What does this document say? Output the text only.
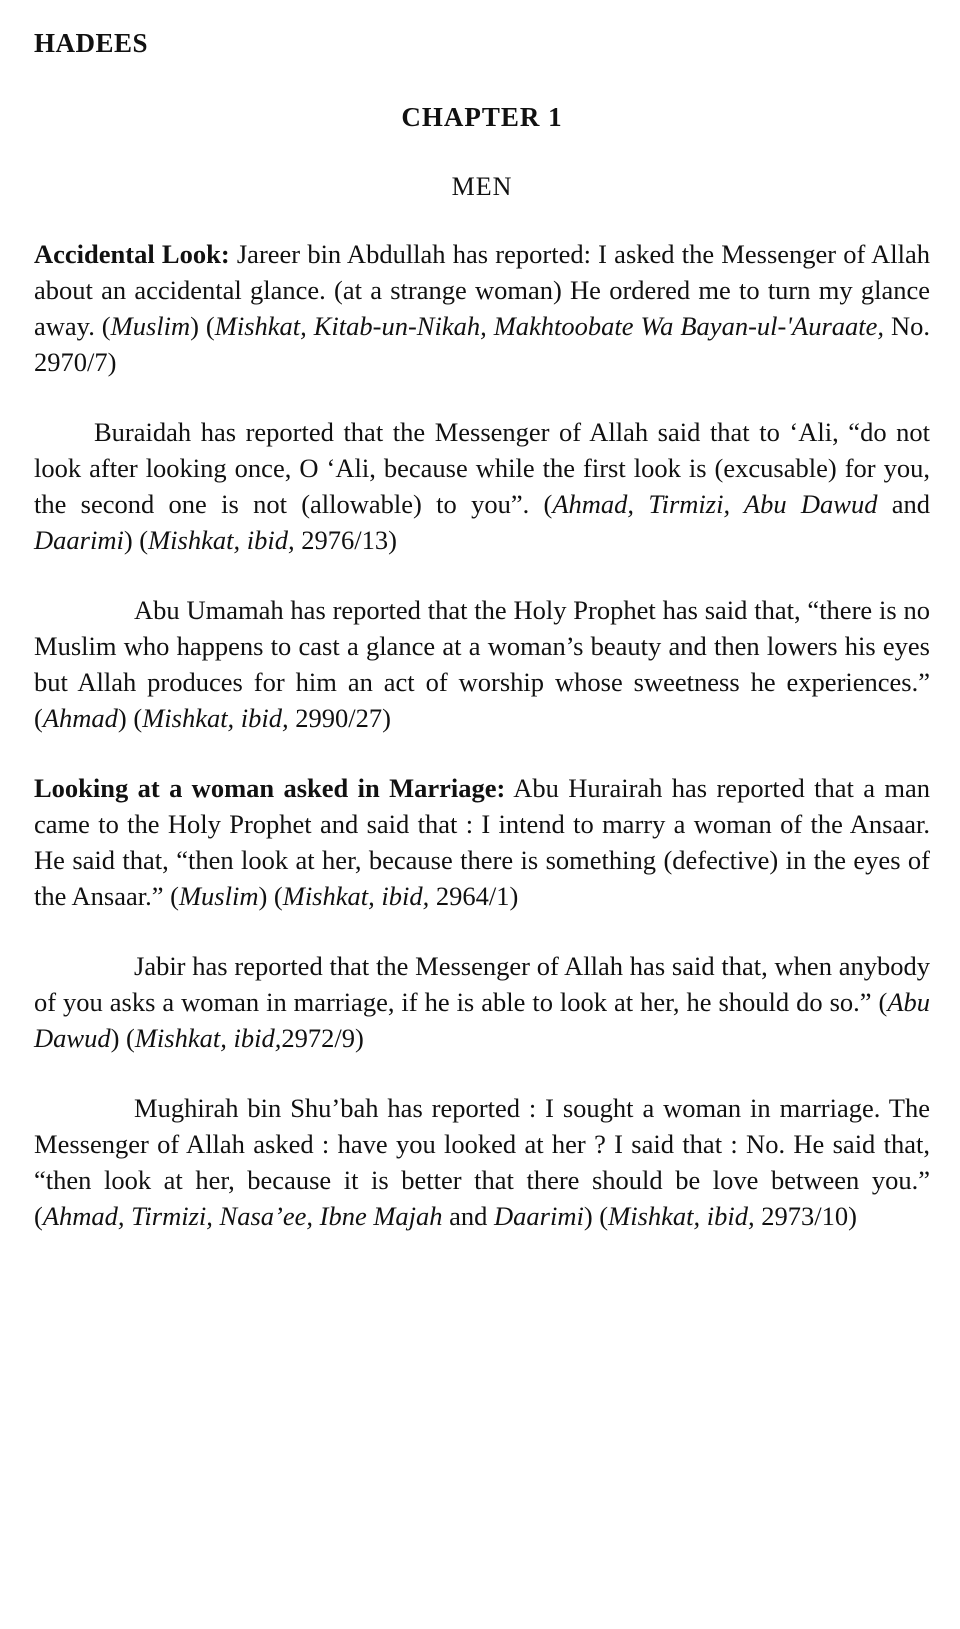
HADEES
CHAPTER 1
MEN

Accidental Look: Jareer bin Abdullah has reported: I asked the Messenger of Allah about an accidental glance. (at a strange woman) He ordered me to turn my glance away. (Muslim) (Mishkat, Kitab-un-Nikah, Makhtoobate Wa Bayan-ul-'Auraate, No. 2970/7)

Buraidah has reported that the Messenger of Allah said that to ‘Ali, “do not look after looking once, O ‘Ali, because while the first look is (excusable) for you, the second one is not (allowable) to you”. (Ahmad, Tirmizi, Abu Dawud and Daarimi) (Mishkat, ibid, 2976/13)

Abu Umamah has reported that the Holy Prophet has said that, “there is no Muslim who happens to cast a glance at a woman’s beauty and then lowers his eyes but Allah produces for him an act of worship whose sweetness he experiences.” (Ahmad) (Mishkat, ibid, 2990/27)

Looking at a woman asked in Marriage: Abu Hurairah has reported that a man came to the Holy Prophet and said that : I intend to marry a woman of the Ansaar. He said that, “then look at her, because there is something (defective) in the eyes of the Ansaar.” (Muslim) (Mishkat, ibid, 2964/1)

Jabir has reported that the Messenger of Allah has said that, when anybody of you asks a woman in marriage, if he is able to look at her, he should do so.” (Abu Dawud) (Mishkat, ibid,2972/9)

Mughirah bin Shu’bah has reported : I sought a woman in marriage. The Messenger of Allah asked : have you looked at her ? I said that : No. He said that, “then look at her, because it is better that there should be love between you.” (Ahmad, Tirmizi, Nasa’ee, Ibne Majah and Daarimi) (Mishkat, ibid, 2973/10)
